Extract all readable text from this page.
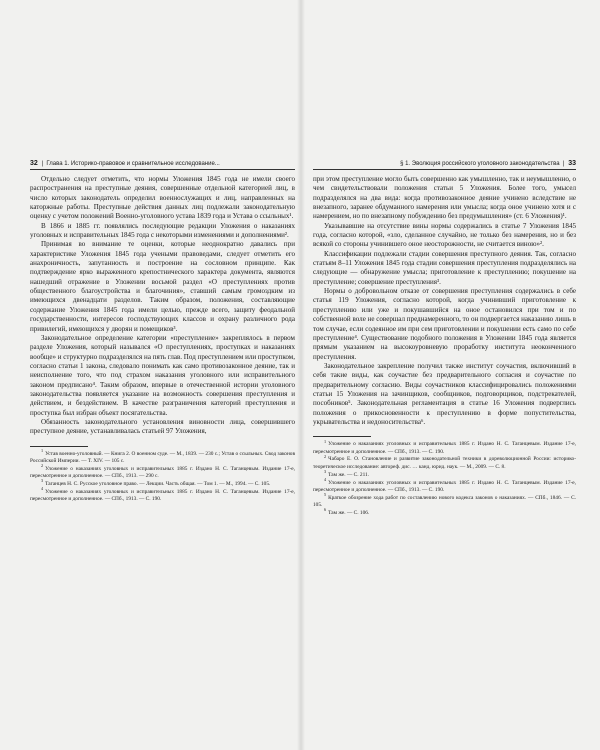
32 | Глава 1. Историко-правовое и сравнительное исследование...

Отдельно следует отметить, что нормы Уложения 1845 года не имели своего распространения на преступные деяния, совершенные отдельной категорией лиц, в число которых законодатель определил военнослужащих и лиц, направленных на каторжные работы. Преступные действия данных лиц подлежали законодательную оценку с учетом положений Военно-уголовного устава 1839 года и Устава о ссыльных¹.

В 1866 и 1885 гг. появлялись последующие редакции Уложения о наказаниях уголовных и исправительных 1845 года с некоторыми изменениями и дополнениями².

Принимая во внимание те оценки, которые неоднократно давались при характеристике Уложения 1845 года учеными правоведами, следует отметить его анахроничность, запутанность и построение на сословном принципе. Как подтверждение ярко выраженного крепостнического характера документа, являются нашедший отражение в Уложении восьмой раздел «О преступлениях против общественного благоустройства и благочиния», ставший самым громоздким из имеющихся двенадцати разделов. Таким образом, положения, составляющие содержание Уложения 1845 года имели целью, прежде всего, защиту феодальной государственности, интересов господствующих классов и охрану различного рода привилегий, имеющихся у дворян и помещиков³.

Законодательное определение категории «преступление» закреплялось в первом разделе Уложения, который назывался «О преступлениях, проступках и наказаниях вообще» и структурно подразделялся на пять глав. Под преступлением или проступком, согласно статьи 1 закона, следовало понимать как само противозаконное деяние, так и неисполнение того, что под страхом наказания уголовного или исправительного законом предписано⁴. Таким образом, впервые в отечественной истории уголовного законодательства появляется указание на возможность совершения преступления и действием, и бездействием. В качестве разграничения категорий преступления и проступка был избран объект посягательства.

Обязанность законодательного установления виновности лица, совершившего преступное деяние, устанавливалась статьей 97 Уложения,

$^1$Устав военно-уголовный. — Книга 2. О военном суде. — М., 1839. — 230 с.; Устав о ссыльных. Свод законов Российской Империи. — Т. XIV. — 105 с.

$^2$Уложение о наказаниях уголовных и исправительных 1885 г. Издано Н. С. Таганцевым. Издание 17-е, пересмотренное и дополненное. — СПб., 1913. — 290 с.

$^3$Таганцев Н. С. Русское уголовное право. — Лекции. Часть общая. — Том 1. — М., 1994. — С. 105.

$^4$Уложение о наказаниях уголовных и исправительных 1885 г. Издано Н. С. Таганцевым. Издание 17-е, пересмотренное и дополненное. — СПб., 1913. — С. 190.

§ 1. Эволюция российского уголовного законодательства | 33

при этом преступление могло быть совершенно как умышленно, так и неумышленно, о чем свидетельствовали положения статьи 5 Уложения. Более того, умысел подразделялся на два вида: когда противозаконное деяние учинено вследствие не внезапного, заранее обдуманного намерения или умысла; когда оное учинено хотя и с намерением, но по внезапному побуждению без предумышления» (ст. 6 Уложения)¹.

Указывавшие на отсутствие вины нормы содержались в статье 7 Уложения 1845 года, согласно которой, «зло, сделанное случайно, не только без намерения, но и без всякой со стороны учинившего оное неосторожности, не считается виною»².

Классификации подлежали стадии совершения преступного деяния. Так, согласно статьям 8–11 Уложения 1845 года стадии совершения преступления подразделялись на следующие — обнаружение умысла; приготовление к преступлению; покушение на преступление; совершение преступления³.

Нормы о добровольном отказе от совершения преступления содержались в себе статья 119 Уложения, согласно которой, когда учинивший приготовление к преступлению или уже и покушавшийся на оное остановился при том и по собственной воле не совершал преднамеренного, то он подвергается наказанию лишь в том случае, если содеянное им при сем приготовлении и покушении есть само по себе преступление⁴. Существование подобного положения в Уложении 1845 года является прямым указанием на высокоуровневую проработку института неоконченного преступления.

Законодательное закрепление получил также институт соучастия, включивший в себя такие виды, как соучастие без предварительного согласия и соучастие по предварительному согласию. Виды соучастников классифицировались положениями статьи 15 Уложения на зачинщиков, сообщников, подговорщиков, подстрекателей, пособников⁵. Законодательная регламентация в статье 16 Уложения подверглись положения о прикосновенности к преступлению в форме попустительства, укрывательства и недоносительства⁶.

$^1$Уложение о наказаниях уголовных и исправительных 1885 г. Издано Н. С. Таганцевым. Издание 17-е, пересмотренное и дополненное. — СПб., 1913. — С. 190.

$^2$Чабаро Е. О. Становление и развитие законодательной техники в дореволюционной России: историко-теоретическое исследование: автореф. дис. … канд. юрид. наук. — М., 2009. — С. 8.

$^3$Там же. — С. 211.

$^4$Уложение о наказаниях уголовных и исправительных 1885 г. Издано Н. С. Таганцевым. Издание 17-е, пересмотренное и дополненное. — СПб., 1913. — С. 190.

$^5$Краткое обозрение хода работ по составлению нового кодекса законов о наказаниях. — СПб., 1846. — С. 105.

$^6$Там же. — С. 106.
